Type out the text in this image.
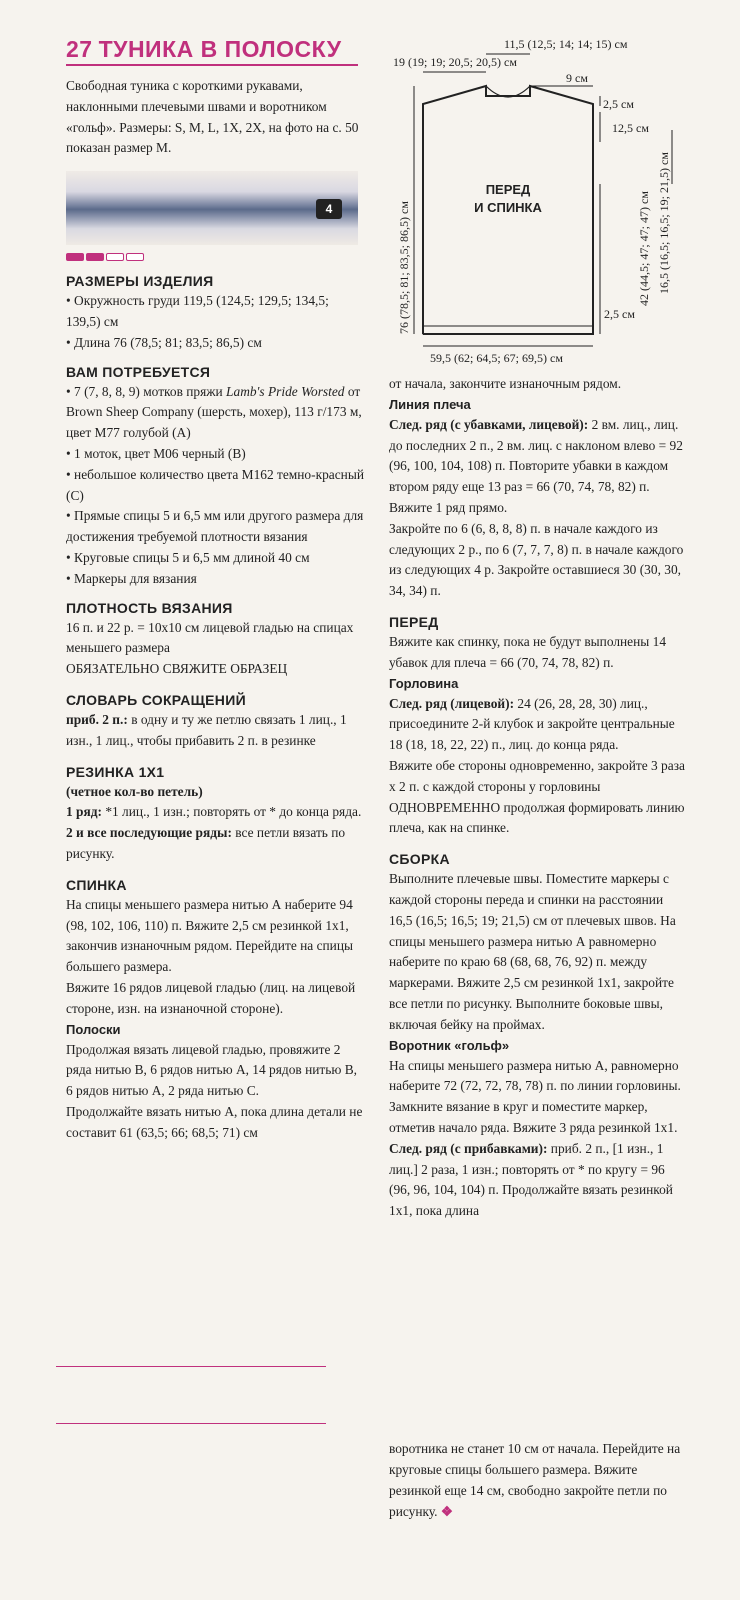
27 ТУНИКА В ПОЛОСКУ

Свободная туника с короткими рукавами, наклонными плечевыми швами и воротником «гольф». Размеры: S, M, L, 1X, 2X, на фото на с. 50 показан размер M.

4
РАЗМЕРЫ ИЗДЕЛИЯ

• Окружность груди 119,5 (124,5; 129,5; 134,5; 139,5) см

• Длина 76 (78,5; 81; 83,5; 86,5) см

ВАМ ПОТРЕБУЕТСЯ

• 7 (7, 8, 8, 9) мотков пряжи Lamb's Pride Worsted от Brown Sheep Company (шерсть, мохер), 113 г/173 м, цвет М77 голубой (А)

• 1 моток, цвет М06 черный (В)

• небольшое количество цвета М162 темно-красный (С)

• Прямые спицы 5 и 6,5 мм или другого размера для достижения требуемой плотности вязания

• Круговые спицы 5 и 6,5 мм длиной 40 см

• Маркеры для вязания

ПЛОТНОСТЬ ВЯЗАНИЯ

16 п. и 22 р. = 10x10 см лицевой гладью на спицах меньшего размера

ОБЯЗАТЕЛЬНО СВЯЖИТЕ ОБРАЗЕЦ

СЛОВАРЬ СОКРАЩЕНИЙ

приб. 2 п.: в одну и ту же петлю связать 1 лиц., 1 изн., 1 лиц., чтобы прибавить 2 п. в резинке

РЕЗИНКА 1Х1

(четное кол-во петель)

1 ряд: *1 лиц., 1 изн.; повторять от * до конца ряда.

2 и все последующие ряды: все петли вязать по рисунку.

СПИНКА

На спицы меньшего размера нитью А наберите 94 (98, 102, 106, 110) п. Вяжите 2,5 см резинкой 1х1, закончив изнаночным рядом. Перейдите на спицы большего размера.

Вяжите 16 рядов лицевой гладью (лиц. на лицевой стороне, изн. на изнаночной стороне).

Полоски

Продолжая вязать лицевой гладью, провяжите 2 ряда нитью В, 6 рядов нитью А, 14 рядов нитью В, 6 рядов нитью А, 2 ряда нитью С.

Продолжайте вязать нитью А, пока длина детали не составит 61 (63,5; 66; 68,5; 71) см

ПЕРЕД
И СПИНКА
11,5 (12,5; 14; 14; 15) см
19 (19; 19; 20,5; 20,5) см
9 см
2,5 см
12,5 см
76 (78,5; 81; 83,5; 86,5) см	16,5 (16,5; 16,5; 19; 21,5) см
42 (44,5; 47; 47; 47) см
2,5 см
59,5 (62; 64,5; 67; 69,5) см

от начала, закончите изнаночным рядом.

Линия плеча

След. ряд (с убавками, лицевой): 2 вм. лиц., лиц. до последних 2 п., 2 вм. лиц. с наклоном влево = 92 (96, 100, 104, 108) п. Повторите убавки в каждом втором ряду еще 13 раз = 66 (70, 74, 78, 82) п. Вяжите 1 ряд прямо.

Закройте по 6 (6, 8, 8, 8) п. в начале каждого из следующих 2 р., по 6 (7, 7, 7, 8) п. в начале каждого из следующих 4 р. Закройте оставшиеся 30 (30, 30, 34, 34) п.

ПЕРЕД

Вяжите как спинку, пока не будут выполнены 14 убавок для плеча = 66 (70, 74, 78, 82) п.

Горловина

След. ряд (лицевой): 24 (26, 28, 28, 30) лиц., присоедините 2-й клубок и закройте центральные 18 (18, 18, 22, 22) п., лиц. до конца ряда.

Вяжите обе стороны одновременно, закройте 3 раза х 2 п. с каждой стороны у горловины ОДНОВРЕМЕННО продолжая формировать линию плеча, как на спинке.

СБОРКА

Выполните плечевые швы. Поместите маркеры с каждой стороны переда и спинки на расстоянии 16,5 (16,5; 16,5; 19; 21,5) см от плечевых швов. На спицы меньшего размера нитью А равномерно наберите по краю 68 (68, 68, 76, 92) п. между маркерами. Вяжите 2,5 см резинкой 1х1, закройте все петли по рисунку. Выполните боковые швы, включая бейку на проймах.

Воротник «гольф»

На спицы меньшего размера нитью А, равномерно наберите 72 (72, 72, 78, 78) п. по линии горловины. Замкните вязание в круг и поместите маркер, отметив начало ряда. Вяжите 3 ряда резинкой 1х1.

След. ряд (с прибавками): приб. 2 п., [1 изн., 1 лиц.] 2 раза, 1 изн.; повторять от * по кругу = 96 (96, 96, 104, 104) п. Продолжайте вязать резинкой 1х1, пока длина

воротника не станет 10 см от начала. Перейдите на круговые спицы большего размера. Вяжите резинкой еще 14 см, свободно закройте петли по рисунку. ❖
